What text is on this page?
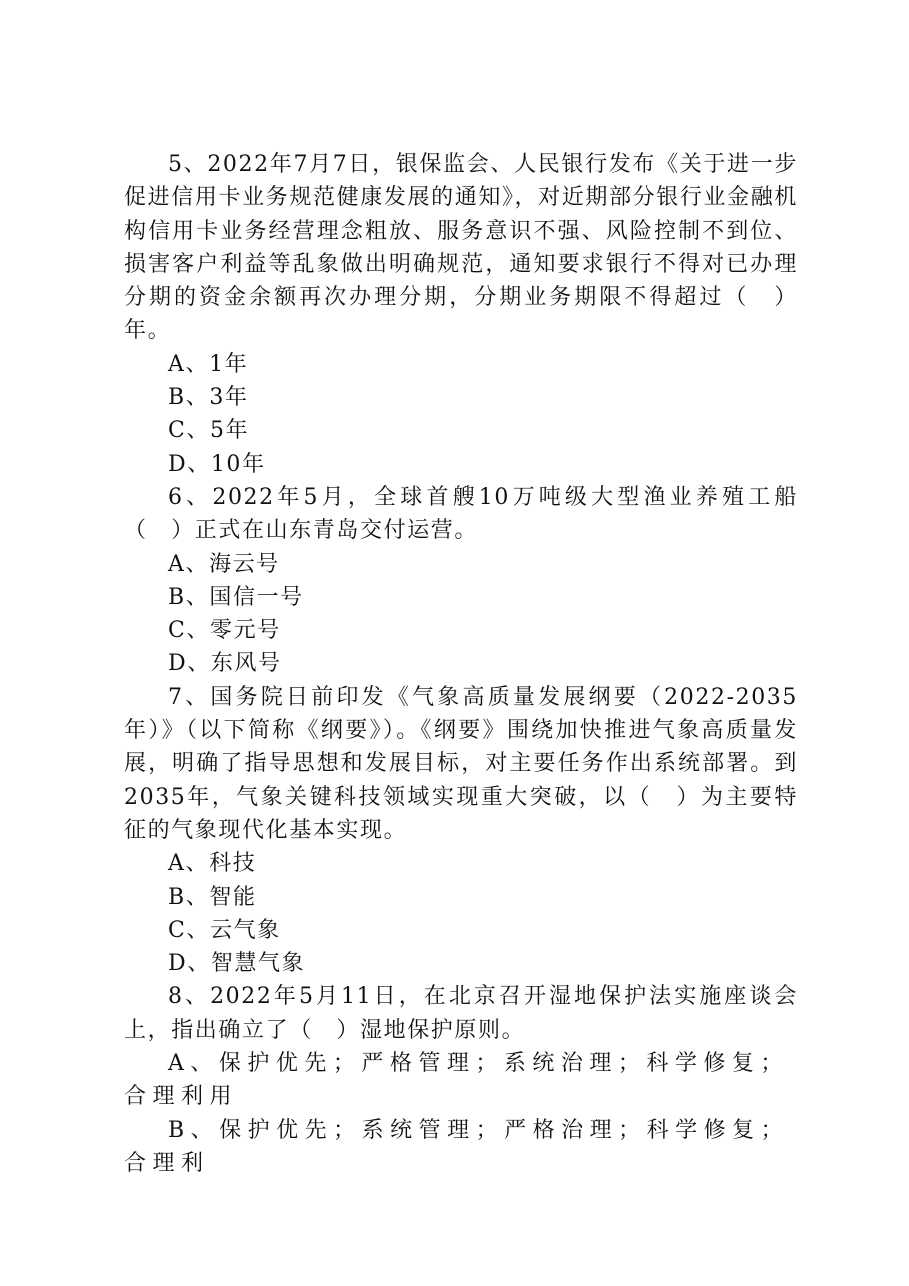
5、2022年7月7日，银保监会、人民银行发布《关于进一步促进信用卡业务规范健康发展的通知》，对近期部分银行业金融机构信用卡业务经营理念粗放、服务意识不强、风险控制不到位、损害客户利益等乱象做出明确规范，通知要求银行不得对已办理分期的资金余额再次办理分期，分期业务期限不得超过（　）年。

A、1年

B、3年

C、5年

D、10年

6、2022年5月，全球首艘10万吨级大型渔业养殖工船（　）正式在山东青岛交付运营。

A、海云号

B、国信一号

C、零元号

D、东风号

7、国务院日前印发《气象高质量发展纲要（2022-2035年）》（以下简称《纲要》）。《纲要》围绕加快推进气象高质量发展，明确了指导思想和发展目标，对主要任务作出系统部署。到2035年，气象关键科技领域实现重大突破，以（　）为主要特征的气象现代化基本实现。

A、科技

B、智能

C、云气象

D、智慧气象

8、2022年5月11日，在北京召开湿地保护法实施座谈会上，指出确立了（　）湿地保护原则。

A、保护优先；严格管理；系统治理；科学修复；合理利用

B、保护优先；系统管理；严格治理；科学修复；合理利
